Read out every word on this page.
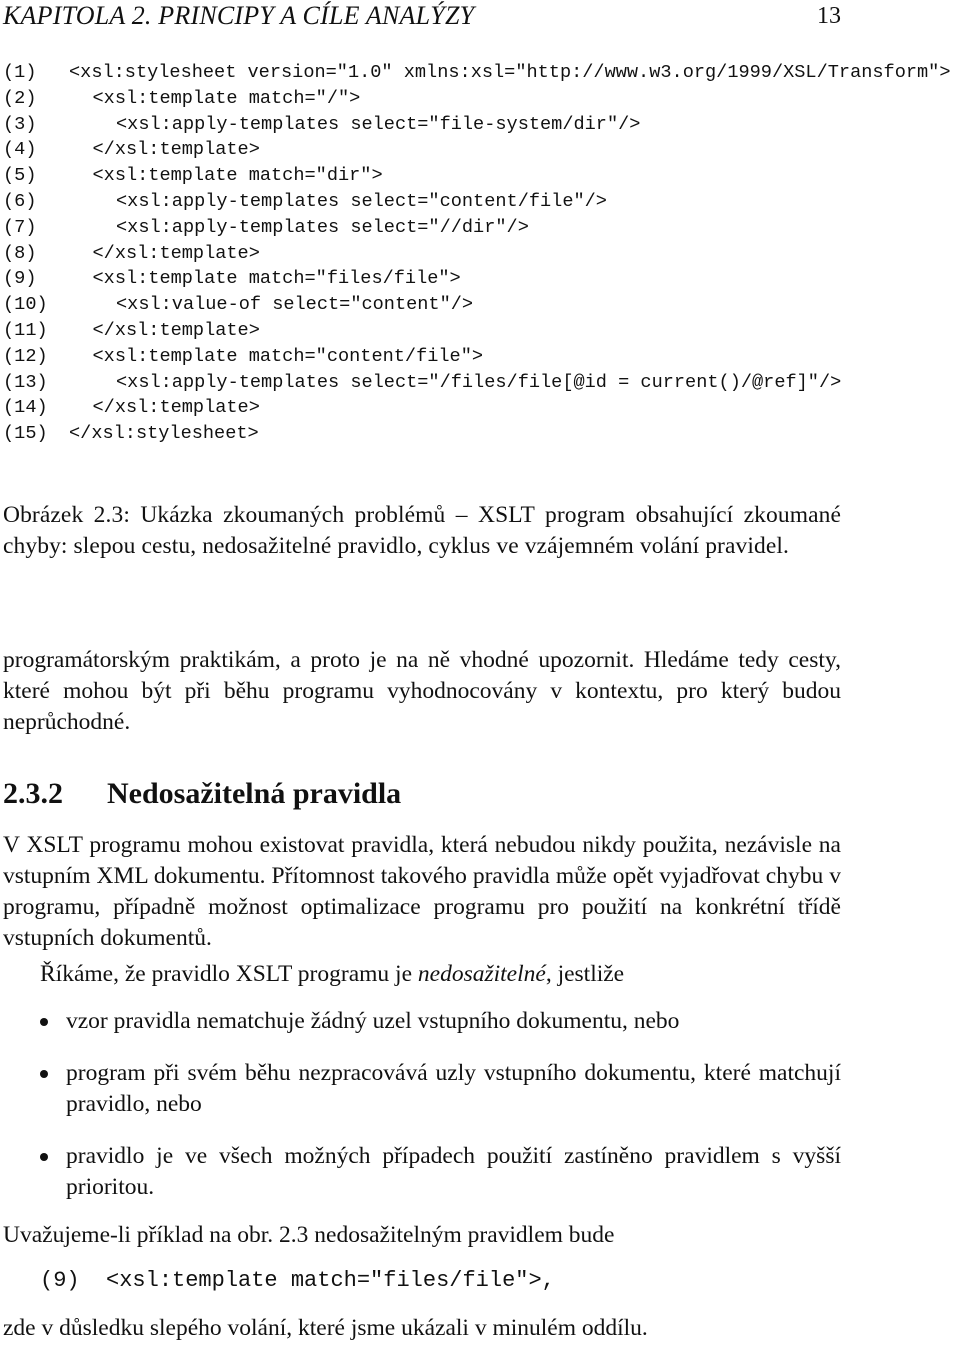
KAPITOLA 2. PRINCIPY A CÍLE ANALÝZY	13
(1) <xsl:stylesheet version="1.0" xmlns:xsl="http://www.w3.org/1999/XSL/Transform">
(2)	<xsl:template match="/">
(3)	<xsl:apply-templates select="file-system/dir"/>
(4)	</xsl:template>
(5)	<xsl:template match="dir">
(6)	<xsl:apply-templates select="content/file"/>
(7)	<xsl:apply-templates select="//dir"/>
(8)	</xsl:template>
(9)	<xsl:template match="files/file">
(10)	<xsl:value-of select="content"/>
(11) </xsl:template>
(12) <xsl:template match="content/file">
(13)	<xsl:apply-templates select="/files/file[@id = current()/@ref]"/>
(14) </xsl:template>
(15) </xsl:stylesheet>
Obrázek 2.3: Ukázka zkoumaných problémů – XSLT program obsahující zkoumané chyby: slepou cestu, nedosažitelné pravidlo, cyklus ve vzájemném volání pravidel.
programátorským praktikám, a proto je na ně vhodné upozornit. Hledáme tedy cesty, které mohou být při běhu programu vyhodnocovány v kontextu, pro který budou neprůchodné.
2.3.2 Nedosažitelná pravidla
V XSLT programu mohou existovat pravidla, která nebudou nikdy použita, nezávisle na vstupním XML dokumentu. Přítomnost takového pravidla může opět vyjadřovat chybu v programu, případně možnost optimalizace programu pro použití na konkrétní třídě vstupních dokumentů.
Říkáme, že pravidlo XSLT programu je nedosažitelné, jestliže
vzor pravidla nematchuje žádný uzel vstupního dokumentu, nebo
program při svém běhu nezpracovává uzly vstupního dokumentu, které matchují pravidlo, nebo
pravidlo je ve všech možných případech použití zastíněno pravidlem s vyšší prioritou.
Uvažujeme-li příklad na obr. 2.3 nedosažitelným pravidlem bude
(9)  <xsl:template match="files/file">,
zde v důsledku slepého volání, které jsme ukázali v minulém oddílu.
